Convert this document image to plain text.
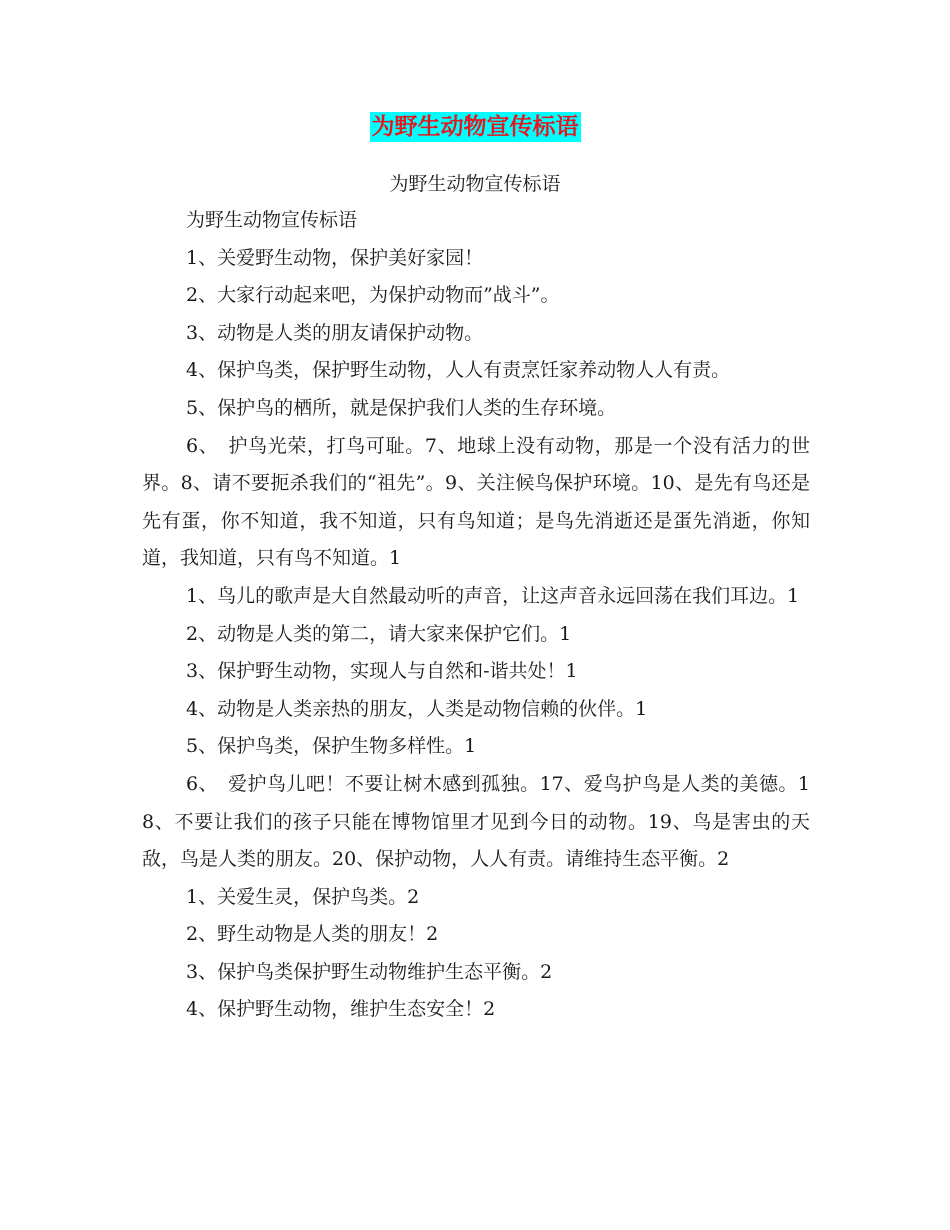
为野生动物宣传标语
为野生动物宣传标语

为野生动物宣传标语

1、关爱野生动物，保护美好家园！

2、大家行动起来吧，为保护动物而”战斗”。

3、动物是人类的朋友请保护动物。

4、保护鸟类，保护野生动物，人人有责烹饪家养动物人人有责。

5、保护鸟的栖所，就是保护我们人类的生存环境。

6、　护鸟光荣，打鸟可耻。7、地球上没有动物，那是一个没有活力的世界。8、请不要扼杀我们的“祖先”。9、关注候鸟保护环境。10、是先有鸟还是先有蛋，你不知道，我不知道，只有鸟知道；是鸟先消逝还是蛋先消逝，你知道，我知道，只有鸟不知道。1

1、鸟儿的歌声是大自然最动听的声音，让这声音永远回荡在我们耳边。1

2、动物是人类的第二，请大家来保护它们。1

3、保护野生动物，实现人与自然和-谐共处！1

4、动物是人类亲热的朋友，人类是动物信赖的伙伴。1

5、保护鸟类，保护生物多样性。1

6、　爱护鸟儿吧！不要让树木感到孤独。17、爱鸟护鸟是人类的美德。18、不要让我们的孩子只能在博物馆里才见到今日的动物。19、鸟是害虫的天敌，鸟是人类的朋友。20、保护动物，人人有责。请维持生态平衡。2

1、关爱生灵，保护鸟类。2

2、野生动物是人类的朋友！2

3、保护鸟类保护野生动物维护生态平衡。2

4、保护野生动物，维护生态安全！2
